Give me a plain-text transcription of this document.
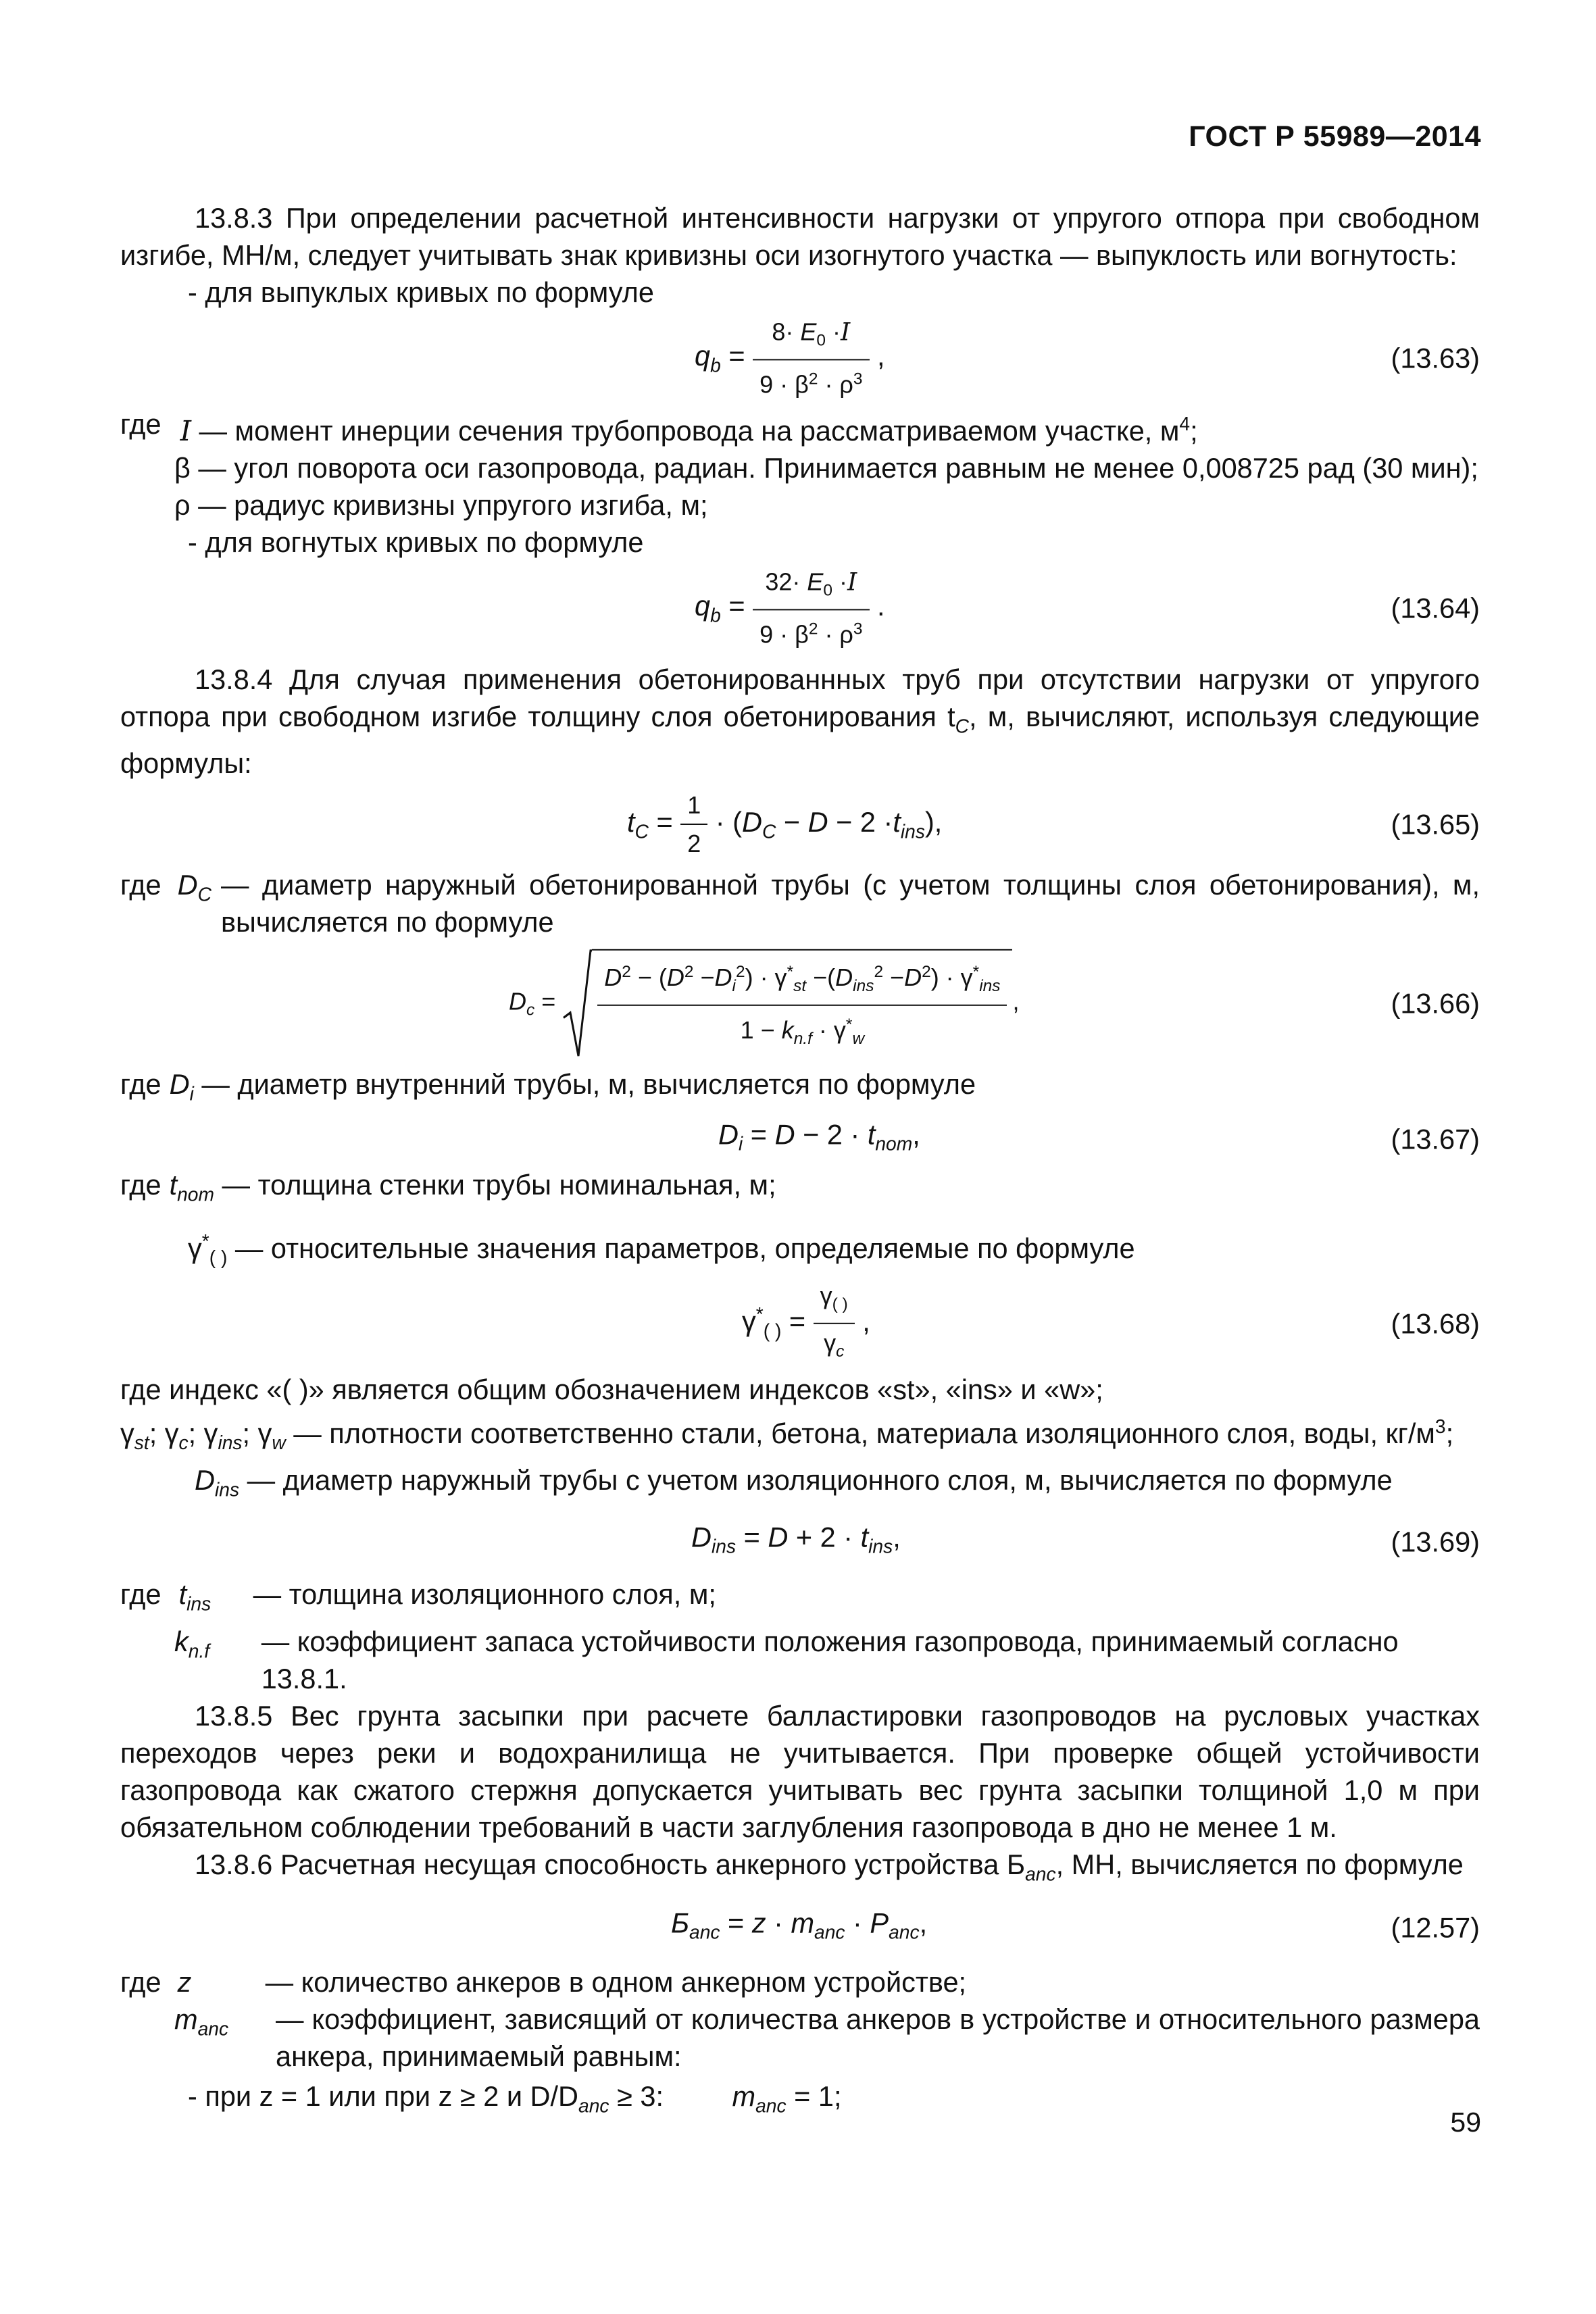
ГОСТ Р 55989—2014

13.8.3 При определении расчетной интенсивности нагрузки от упругого отпора при свободном изгибе, МН/м, следует учитывать знак кривизны оси изогнутого участка — выпуклость или вогнутость:

- для выпуклых кривых по формуле

$q_b = \frac{8\cdot E_0 \cdot I}{9 \cdot \beta^2 \cdot \rho^3}$ ,	(13.63)
где I — момент инерции сечения трубопровода на рассматриваемом участке, $м^4$;

β — угол поворота оси газопровода, радиан. Принимается равным не менее 0,008725 рад (30 мин);

ρ — радиус кривизны упругого изгиба, м;

- для вогнутых кривых по формуле

$q_b = \frac{32\cdot E_0 \cdot I}{9 \cdot \beta^2 \cdot \rho^3}$ .	(13.64)

13.8.4 Для случая применения обетонированнных труб при отсутствии нагрузки от упругого отпора при свободном изгибе толщину слоя обетонирования $t_C$, м, вычисляют, используя следующие формулы:

$t_C = \frac{1}{2} \cdot (D_C - D - 2 \cdot t_{ins})$,	(13.65)
где $D_C$ — диаметр наружный обетонированной трубы (с учетом толщины слоя обетонирования), м, вычисляется по формуле
$D_c = \frac{D^2 - (D^2 -D_i^2) \cdot \gamma^*_{st} -(D_{ins}^2 -D^2) \cdot \gamma^*_{ins}}{1 - k_{n.f} \cdot \gamma^*_w}$ ,	(13.66)
где $D_i$ — диаметр внутренний трубы, м, вычисляется по формуле
$D_i = D - 2 \cdot t_{nom}$,	(13.67)
где $t_{nom}$ — толщина стенки трубы номинальная, м;
$\gamma^*_{( )}$ — относительные значения параметров, определяемые по формуле
$\gamma^*_{( )} = \frac{\gamma_{( )}}{\gamma_c}$ ,	(13.68)

где индекс «( )» является общим обозначением индексов «st», «ins» и «w»;

$\gamma_{st}$; $\gamma_c$; $\gamma_{ins}$; $\gamma_w$ — плотности соответственно стали, бетона, материала изоляционного слоя, воды, $кг/м^3$;

$D_{ins}$ — диаметр наружный трубы с учетом изоляционного слоя, м, вычисляется по формуле

$D_{ins} = D + 2 \cdot t_{ins}$,	(13.69)
где $t_{ins}$	— толщина изоляционного слоя, м;
$k_{n.f}$	— коэффициент запаса устойчивости положения газопровода, принимаемый согласно 13.8.1.

13.8.5 Вес грунта засыпки при расчете балластировки газопроводов на русловых участках переходов через реки и водохранилища не учитывается. При проверке общей устойчивости газопровода как сжатого стержня допускается учитывать вес грунта засыпки толщиной 1,0 м при обязательном соблюдении требований в части заглубления газопровода в дно не менее 1 м.

13.8.6 Расчетная несущая способность анкерного устройства $Б_{anc}$, МН, вычисляется по формуле

$Б_{anc} = z \cdot m_{anc} \cdot P_{anc}$,	(12.57)
где z	— количество анкеров в одном анкерном устройстве;
$m_{anc}$	— коэффициент, зависящий от количества анкеров в устройстве и относительного размера анкера, принимаемый равным:

- при z = 1 или при z ≥ 2 и $D/D_{anc} \ge 3$: $m_{anc} = 1$;

59
